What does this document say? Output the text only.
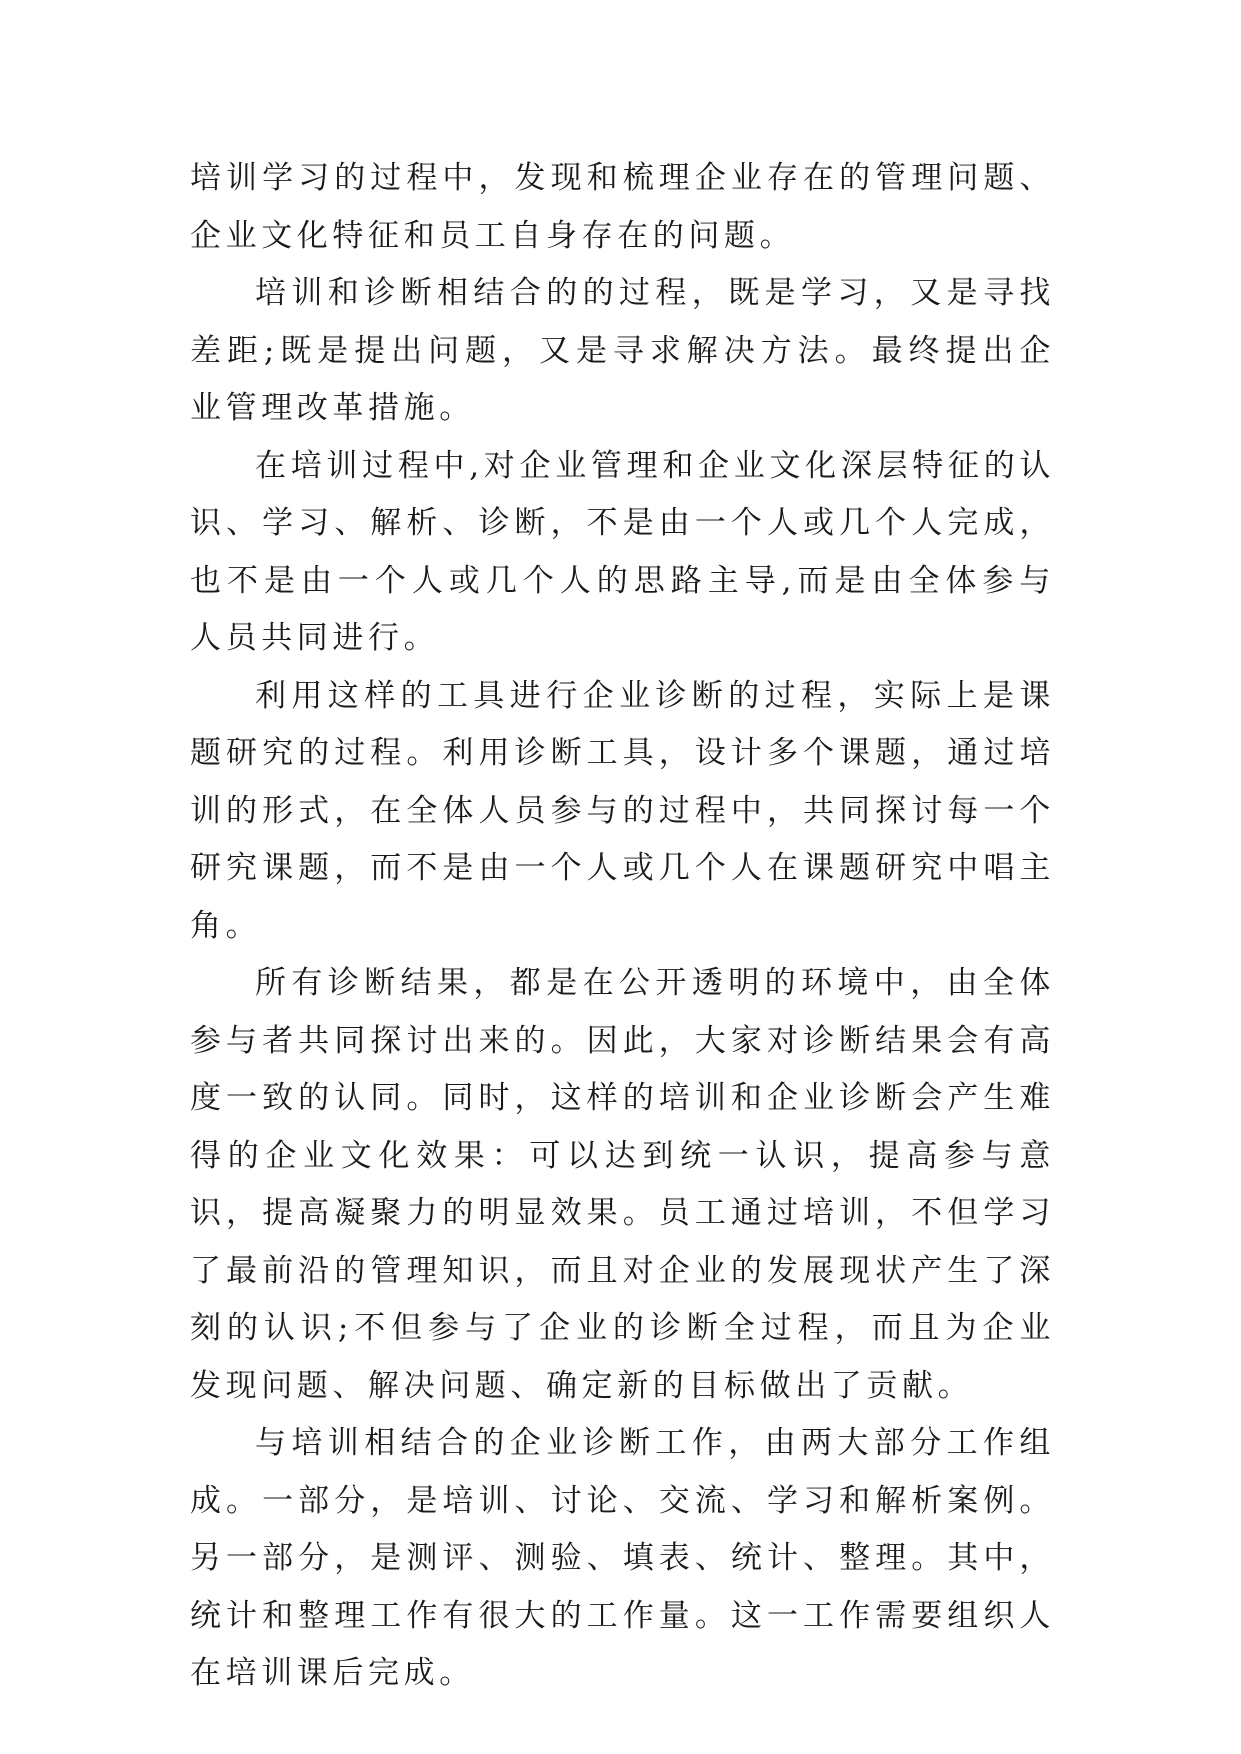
培训学习的过程中，发现和梳理企业存在的管理问题、企业文化特征和员工自身存在的问题。

培训和诊断相结合的的过程，既是学习，又是寻找差距;既是提出问题，又是寻求解决方法。最终提出企业管理改革措施。

在培训过程中,对企业管理和企业文化深层特征的认识、学习、解析、诊断，不是由一个人或几个人完成，也不是由一个人或几个人的思路主导,而是由全体参与人员共同进行。

利用这样的工具进行企业诊断的过程，实际上是课题研究的过程。利用诊断工具，设计多个课题，通过培训的形式，在全体人员参与的过程中，共同探讨每一个研究课题，而不是由一个人或几个人在课题研究中唱主角。

所有诊断结果，都是在公开透明的环境中，由全体参与者共同探讨出来的。因此，大家对诊断结果会有高度一致的认同。同时，这样的培训和企业诊断会产生难得的企业文化效果：可以达到统一认识，提高参与意识，提高凝聚力的明显效果。员工通过培训，不但学习了最前沿的管理知识，而且对企业的发展现状产生了深刻的认识;不但参与了企业的诊断全过程，而且为企业发现问题、解决问题、确定新的目标做出了贡献。

与培训相结合的企业诊断工作，由两大部分工作组成。一部分，是培训、讨论、交流、学习和解析案例。另一部分，是测评、测验、填表、统计、整理。其中，统计和整理工作有很大的工作量。这一工作需要组织人在培训课后完成。
